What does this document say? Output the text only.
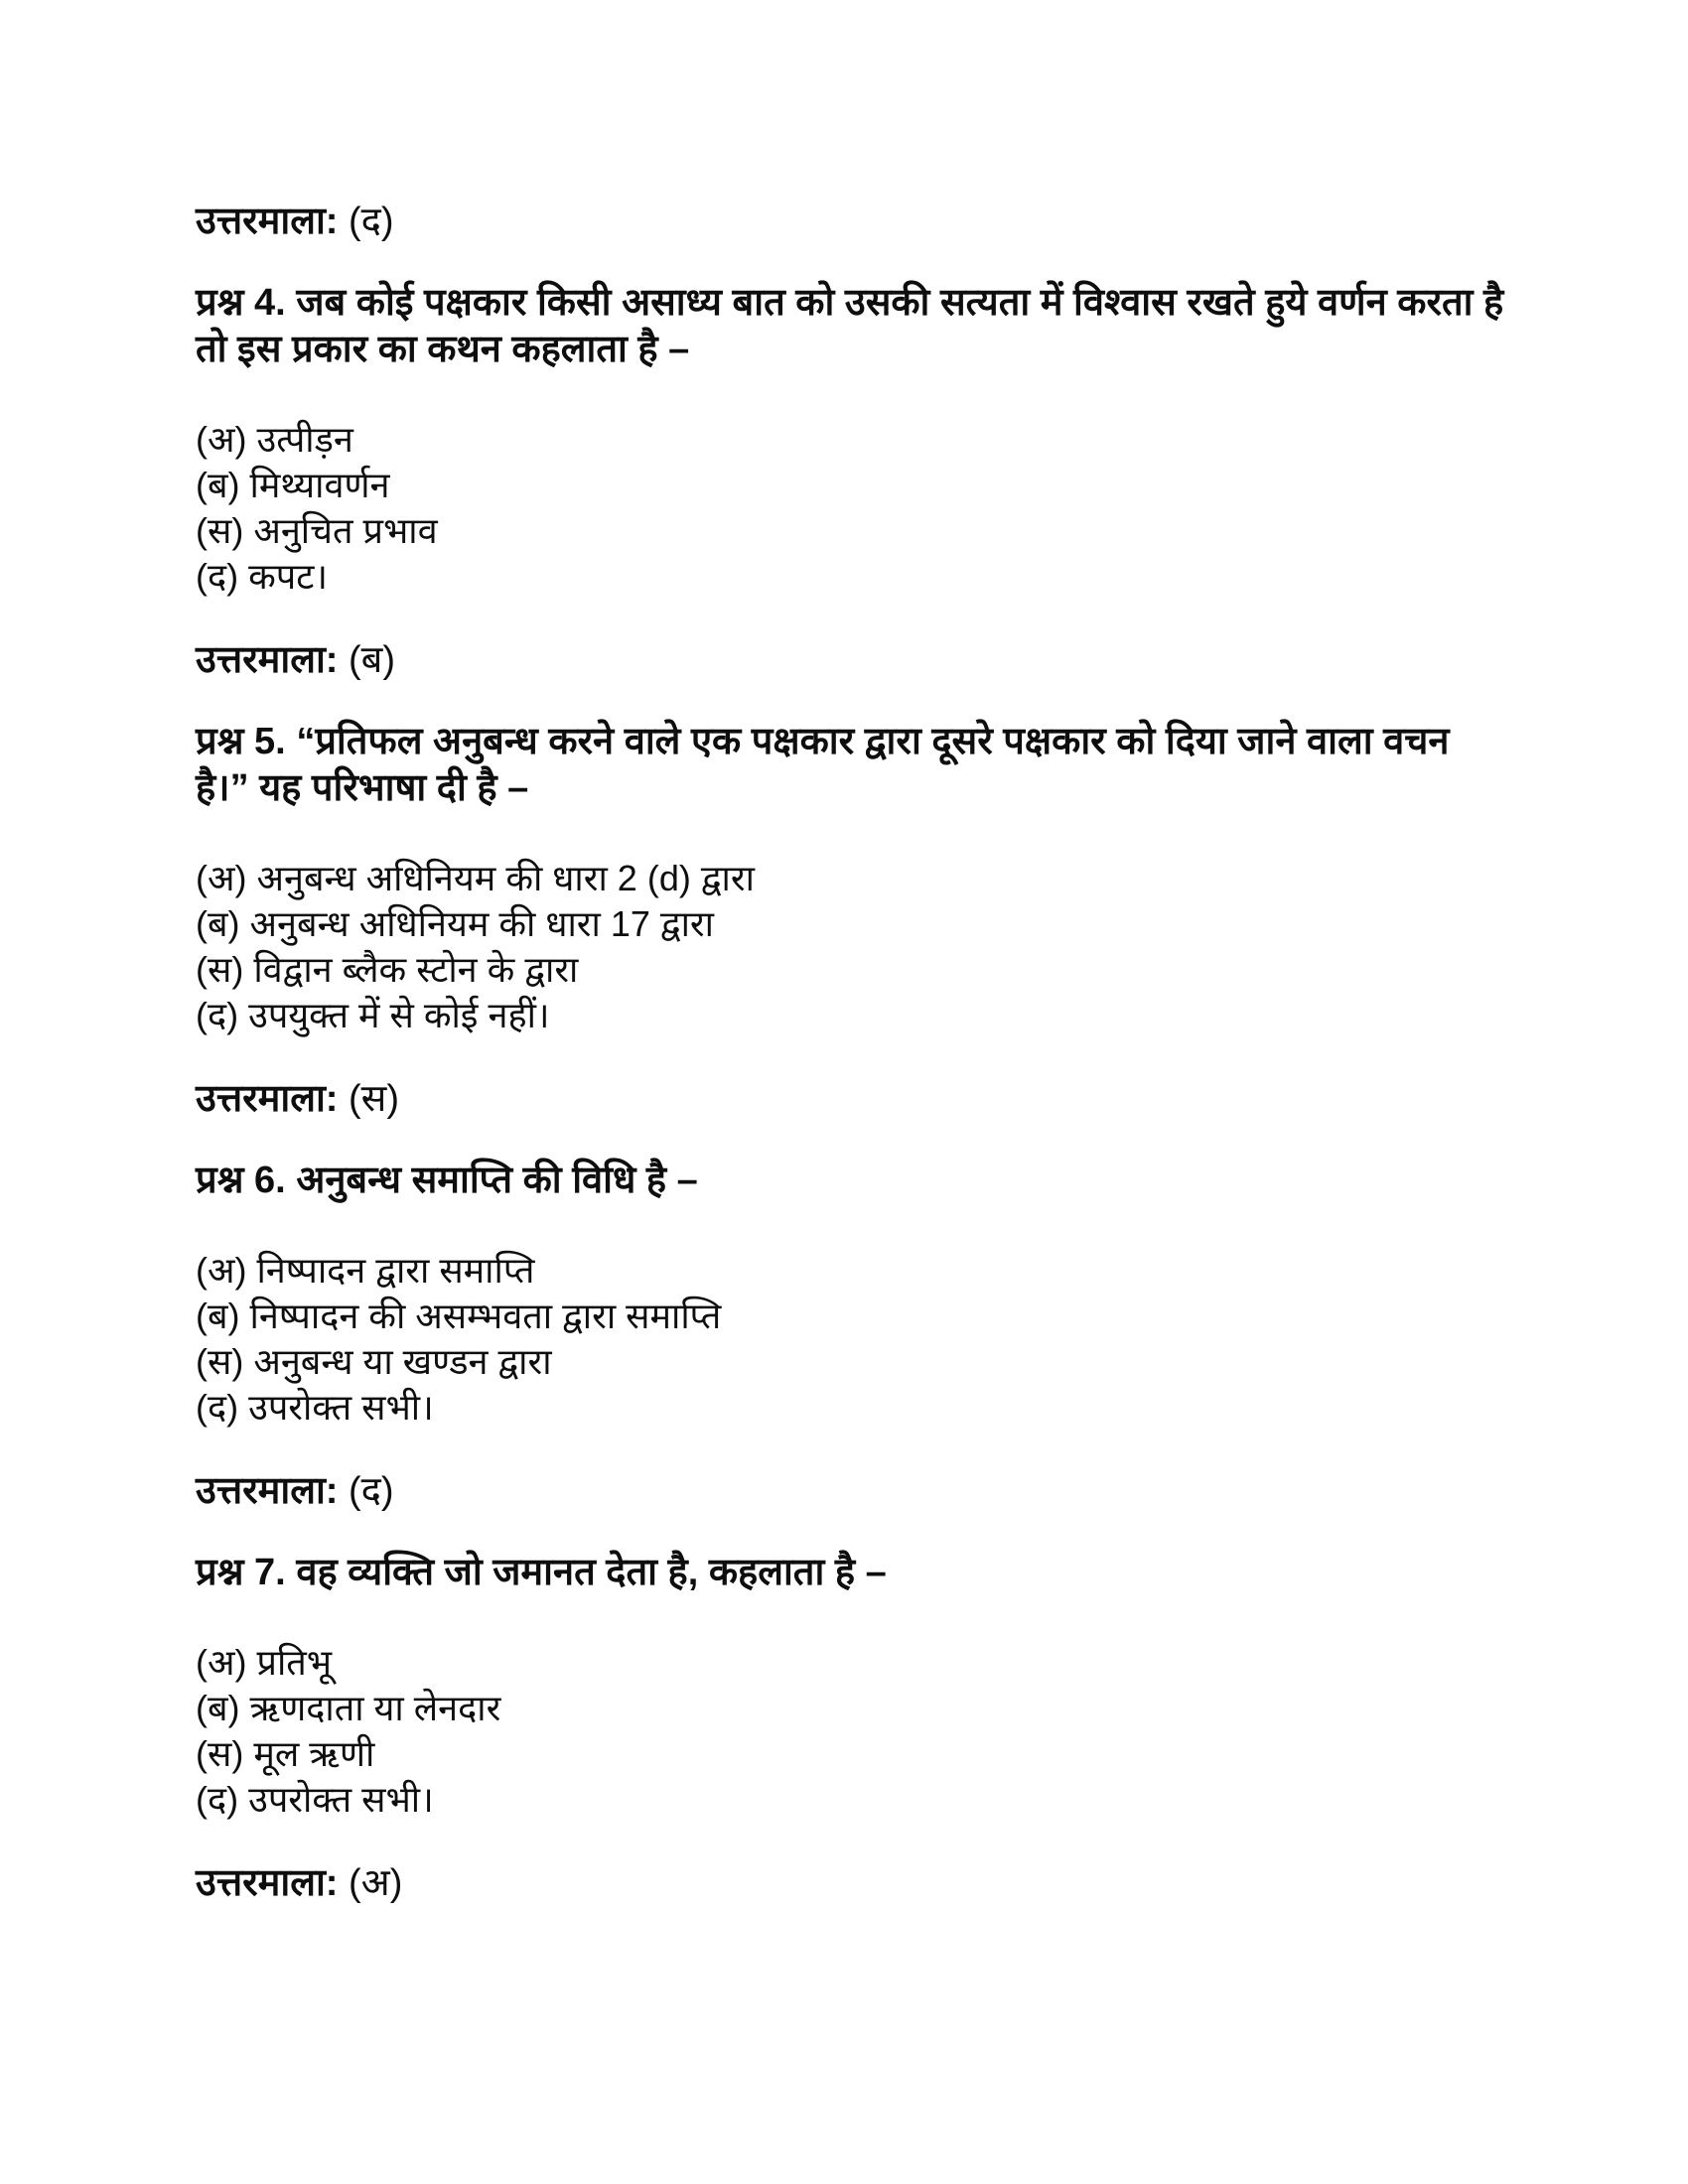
उत्तरमाला: (द)

प्रश्न 4. जब कोई पक्षकार किसी असाध्य बात को उसकी सत्यता में विश्वास रखते हुये वर्णन करता है तो इस प्रकार का कथन कहलाता है –

(अ) उत्पीड़न

(ब) मिथ्यावर्णन

(स) अनुचित प्रभाव

(द) कपट।

उत्तरमाला: (ब)

प्रश्न 5. “प्रतिफल अनुबन्ध करने वाले एक पक्षकार द्वारा दूसरे पक्षकार को दिया जाने वाला वचन है।” यह परिभाषा दी है –

(अ) अनुबन्ध अधिनियम की धारा 2 (d) द्वारा

(ब) अनुबन्ध अधिनियम की धारा 17 द्वारा

(स) विद्वान ब्लैक स्टोन के द्वारा

(द) उपयुक्त में से कोई नहीं।

उत्तरमाला: (स)

प्रश्न 6. अनुबन्ध समाप्ति की विधि है –

(अ) निष्पादन द्वारा समाप्ति

(ब) निष्पादन की असम्भवता द्वारा समाप्ति

(स) अनुबन्ध या खण्डन द्वारा

(द) उपरोक्त सभी।

उत्तरमाला: (द)

प्रश्न 7. वह व्यक्ति जो जमानत देता है, कहलाता है –

(अ) प्रतिभू

(ब) ऋणदाता या लेनदार

(स) मूल ऋणी

(द) उपरोक्त सभी।

उत्तरमाला: (अ)
